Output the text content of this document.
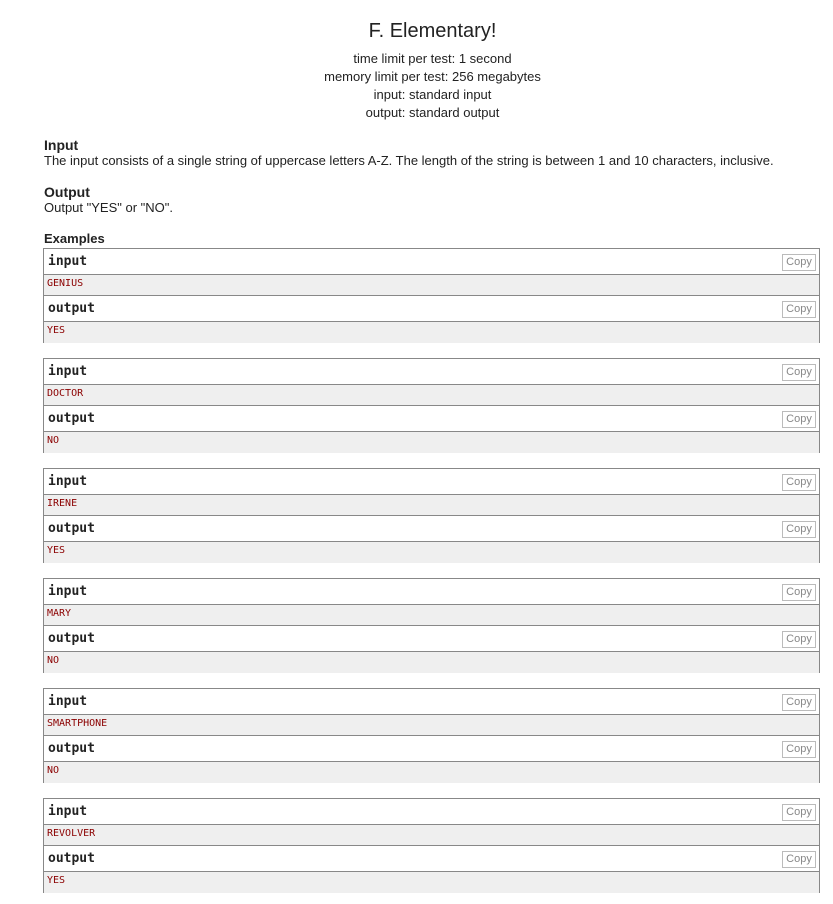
F. Elementary!
time limit per test: 1 second
memory limit per test: 256 megabytes
input: standard input
output: standard output
Input
The input consists of a single string of uppercase letters A-Z. The length of the string is between 1 and 10 characters, inclusive.
Output
Output "YES" or "NO".
Examples
input	Copy
GENIUS
output	Copy
YES
input	Copy
DOCTOR
output	Copy
NO
input	Copy
IRENE
output	Copy
YES
input	Copy
MARY
output	Copy
NO
input	Copy
SMARTPHONE
output	Copy
NO
input	Copy
REVOLVER
output	Copy
YES
